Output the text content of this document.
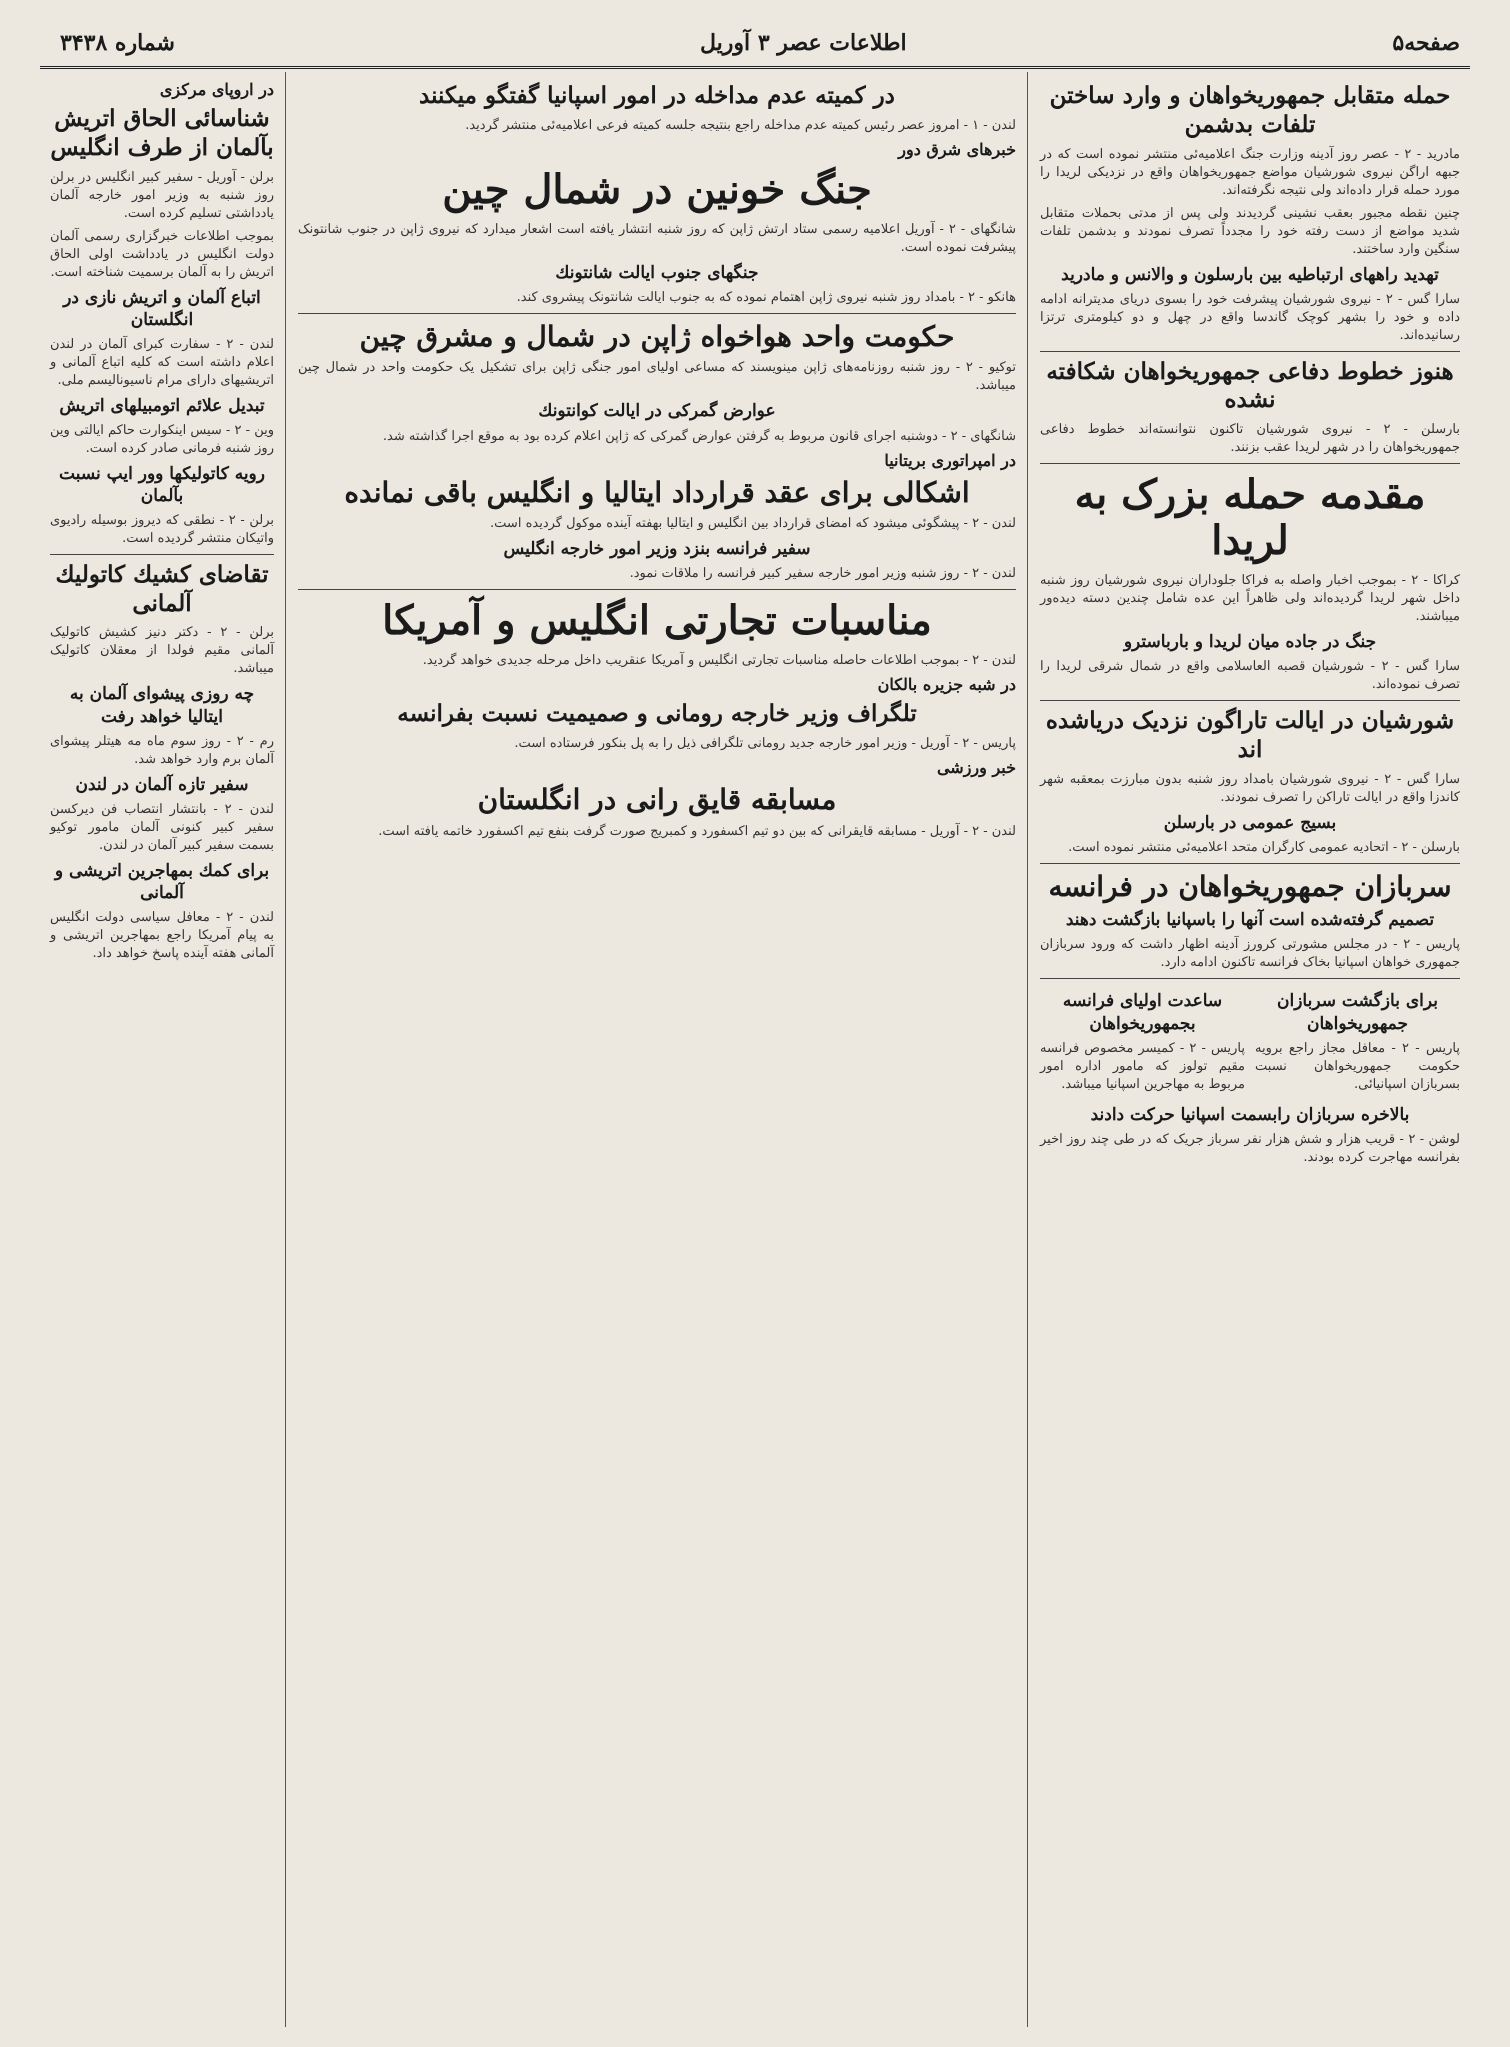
صفحه۵
اطلاعات عصر ۳ آوریل
شماره ۳۴۳۸
حمله متقابل جمهوریخواهان و وارد ساختن تلفات بدشمن

مادرید - ۲ - عصر روز آدینه وزارت جنگ اعلامیه‌ئی منتشر نموده است که در جبهه اراگن نیروی شورشیان مواضع جمهوریخواهان واقع در نزدیکی لریدا را مورد حمله قرار داده‌اند ولی نتیجه نگرفته‌اند.

چنین نقطه مجبور بعقب نشینی گردیدند ولی پس از مدتی بحملات متقابل شدید مواضع از دست رفته خود را مجدداً تصرف نمودند و بدشمن تلفات سنگین وارد ساختند.

تهدید راههای ارتباطیه بین بارسلون و والانس و مادرید

سارا گس - ۲ - نیروی شورشیان پیشرفت خود را بسوی دریای مدیترانه ادامه داده و خود را بشهر کوچک گاندسا واقع در چهل و دو کیلومتری ترتزا رسانیده‌اند.

هنوز خطوط دفاعی جمهوریخواهان شکافته نشده

بارسلن - ۲ - نیروی شورشیان تاکنون نتوانسته‌اند خطوط دفاعی جمهوریخواهان را در شهر لریدا عقب بزنند.

مقدمه حمله بزرک به لریدا

کراکا - ۲ - بموجب اخبار واصله به فراکا جلوداران نیروی شورشیان روز شنبه داخل شهر لریدا گردیده‌اند ولی ظاهراً این عده شامل چندین دسته دیده‌ور میباشند.

جنگ در جاده میان لریدا و بارباسترو

سارا گس - ۲ - شورشیان قصبه العاسلامی واقع در شمال شرقی لریدا را تصرف نموده‌اند.

شورشیان در ایالت تاراگون نزدیک دریاشده اند

سارا گس - ۲ - نیروی شورشیان بامداد روز شنبه بدون مبارزت بمعقبه شهر کاندزا واقع در ایالت تاراکن را تصرف نمودند.

بسیج عمومی در بارسلن

بارسلن - ۲ - اتحادیه عمومی کارگران متحد اعلامیه‌ئی منتشر نموده است.

سربازان جمهوریخواهان در فرانسه
تصمیم گرفته‌شده است آنها را باسپانیا بازگشت دهند

پاریس - ۲ - در مجلس مشورتی کرورز آدینه اظهار داشت که ورود سربازان جمهوری خواهان اسپانیا بخاک فرانسه تاکنون ادامه دارد.

برای بازگشت سربازان جمهوریخواهان

پاریس - ۲ - معافل مجاز راجع برویه حکومت جمهوریخواهان نسبت بسربازان اسپانیائی.

ساعدت اولیای فرانسه بجمهوریخواهان

پاریس - ۲ - کمیسر مخصوص فرانسه مقیم تولوز که مامور اداره امور مربوط به مهاجرین اسپانیا میباشد.

بالاخره سربازان رابسمت اسپانیا حرکت دادند

لوشن - ۲ - قریب هزار و شش هزار نفر سرباز جریک که در طی چند روز اخیر بفرانسه مهاجرت کرده بودند.

در کمیته عدم مداخله در امور اسپانیا گفتگو میکنند

لندن - ۱ - امروز عصر رئیس کمیته عدم مداخله راجع بنتیجه جلسه کمیته فرعی اعلامیه‌ئی منتشر گردید.

خبرهای شرق دور
جنگ خونین در شمال چین

شانگهای - ۲ - آوریل اعلامیه رسمی ستاد ارتش ژاپن که روز شنبه انتشار یافته است اشعار میدارد که نیروی ژاپن در جنوب شانتونک پیشرفت نموده است.

جنگهای جنوب ایالت شانتونك

هانکو - ۲ - بامداد روز شنبه نیروی ژاپن اهتمام نموده که به جنوب ایالت شانتونک پیشروی کند.

حکومت واحد هواخواه ژاپن در شمال و مشرق چین

توکیو - ۲ - روز شنبه روزنامه‌های ژاپن مینویسند که مساعی اولیای امور جنگی ژاپن برای تشکیل یک حکومت واحد در شمال چین میباشد.

عوارض گمرکی در ایالت کوانتونك

شانگهای - ۲ - دوشنبه اجرای قانون مربوط به گرفتن عوارض گمرکی که ژاپن اعلام کرده بود به موقع اجرا گذاشته شد.

در امپراتوری بریتانیا
اشکالی برای عقد قرارداد ایتالیا و انگلیس باقی نمانده

لندن - ۲ - پیشگوئی میشود که امضای قرارداد بین انگلیس و ایتالیا بهفته آینده موکول گردیده است.

سفیر فرانسه بنزد وزیر امور خارجه انگلیس

لندن - ۲ - روز شنبه وزیر امور خارجه سفیر کبیر فرانسه را ملاقات نمود.

مناسبات تجارتی انگلیس و آمریکا

لندن - ۲ - بموجب اطلاعات حاصله مناسبات تجارتی انگلیس و آمریکا عنقریب داخل مرحله جدیدی خواهد گردید.

در شبه جزیره بالکان
تلگراف وزیر خارجه رومانی و صمیمیت نسبت بفرانسه

پاریس - ۲ - آوریل - وزیر امور خارجه جدید رومانی تلگرافی ذیل را به پل بنکور فرستاده است.

خبر ورزشی
مسابقه قایق رانی در انگلستان

لندن - ۲ - آوریل - مسابقه قایقرانی که بین دو تیم اکسفورد و کمبریج صورت گرفت بنفع تیم اکسفورد خاتمه یافته است.

در اروپای مرکزی
شناسائی الحاق اتریش بآلمان از طرف انگلیس

برلن - آوریل - سفیر کبیر انگلیس در برلن روز شنبه به وزیر امور خارجه آلمان یادداشتی تسلیم کرده است.

بموجب اطلاعات خبرگزاری رسمی آلمان دولت انگلیس در یادداشت اولی الحاق اتریش را به آلمان برسمیت شناخته است.

اتباع آلمان و اتریش نازی در انگلستان

لندن - ۲ - سفارت کبرای آلمان در لندن اعلام داشته است که کلیه اتباع آلمانی و اتریشیهای دارای مرام ناسیونالیسم ملی.

تبدیل علائم اتومبیلهای اتریش

وین - ۲ - سیس اینکوارت حاکم ایالتی وین روز شنبه فرمانی صادر کرده است.

رویه کاتولیکها وور ایپ نسبت بآلمان

برلن - ۲ - نطقی که دیروز بوسیله رادیوی واتیکان منتشر گردیده است.

تقاضای کشیك کاتولیك آلمانی

برلن - ۲ - دکتر دنیز کشیش کاتولیک آلمانی مقیم فولدا از معقلان کاتولیک میباشد.

چه روزی پیشوای آلمان به ایتالیا خواهد رفت

رم - ۲ - روز سوم ماه مه هیتلر پیشوای آلمان برم وارد خواهد شد.

سفیر تازه آلمان در لندن

لندن - ۲ - بانتشار انتصاب فن دیرکسن سفیر کبیر کنونی آلمان مامور توکیو بسمت سفیر کبیر آلمان در لندن.

برای کمك بمهاجرین اتریشی و آلمانی

لندن - ۲ - معافل سیاسی دولت انگلیس به پیام آمریکا راجع بمهاجرین اتریشی و آلمانی هفته آینده پاسخ خواهد داد.
